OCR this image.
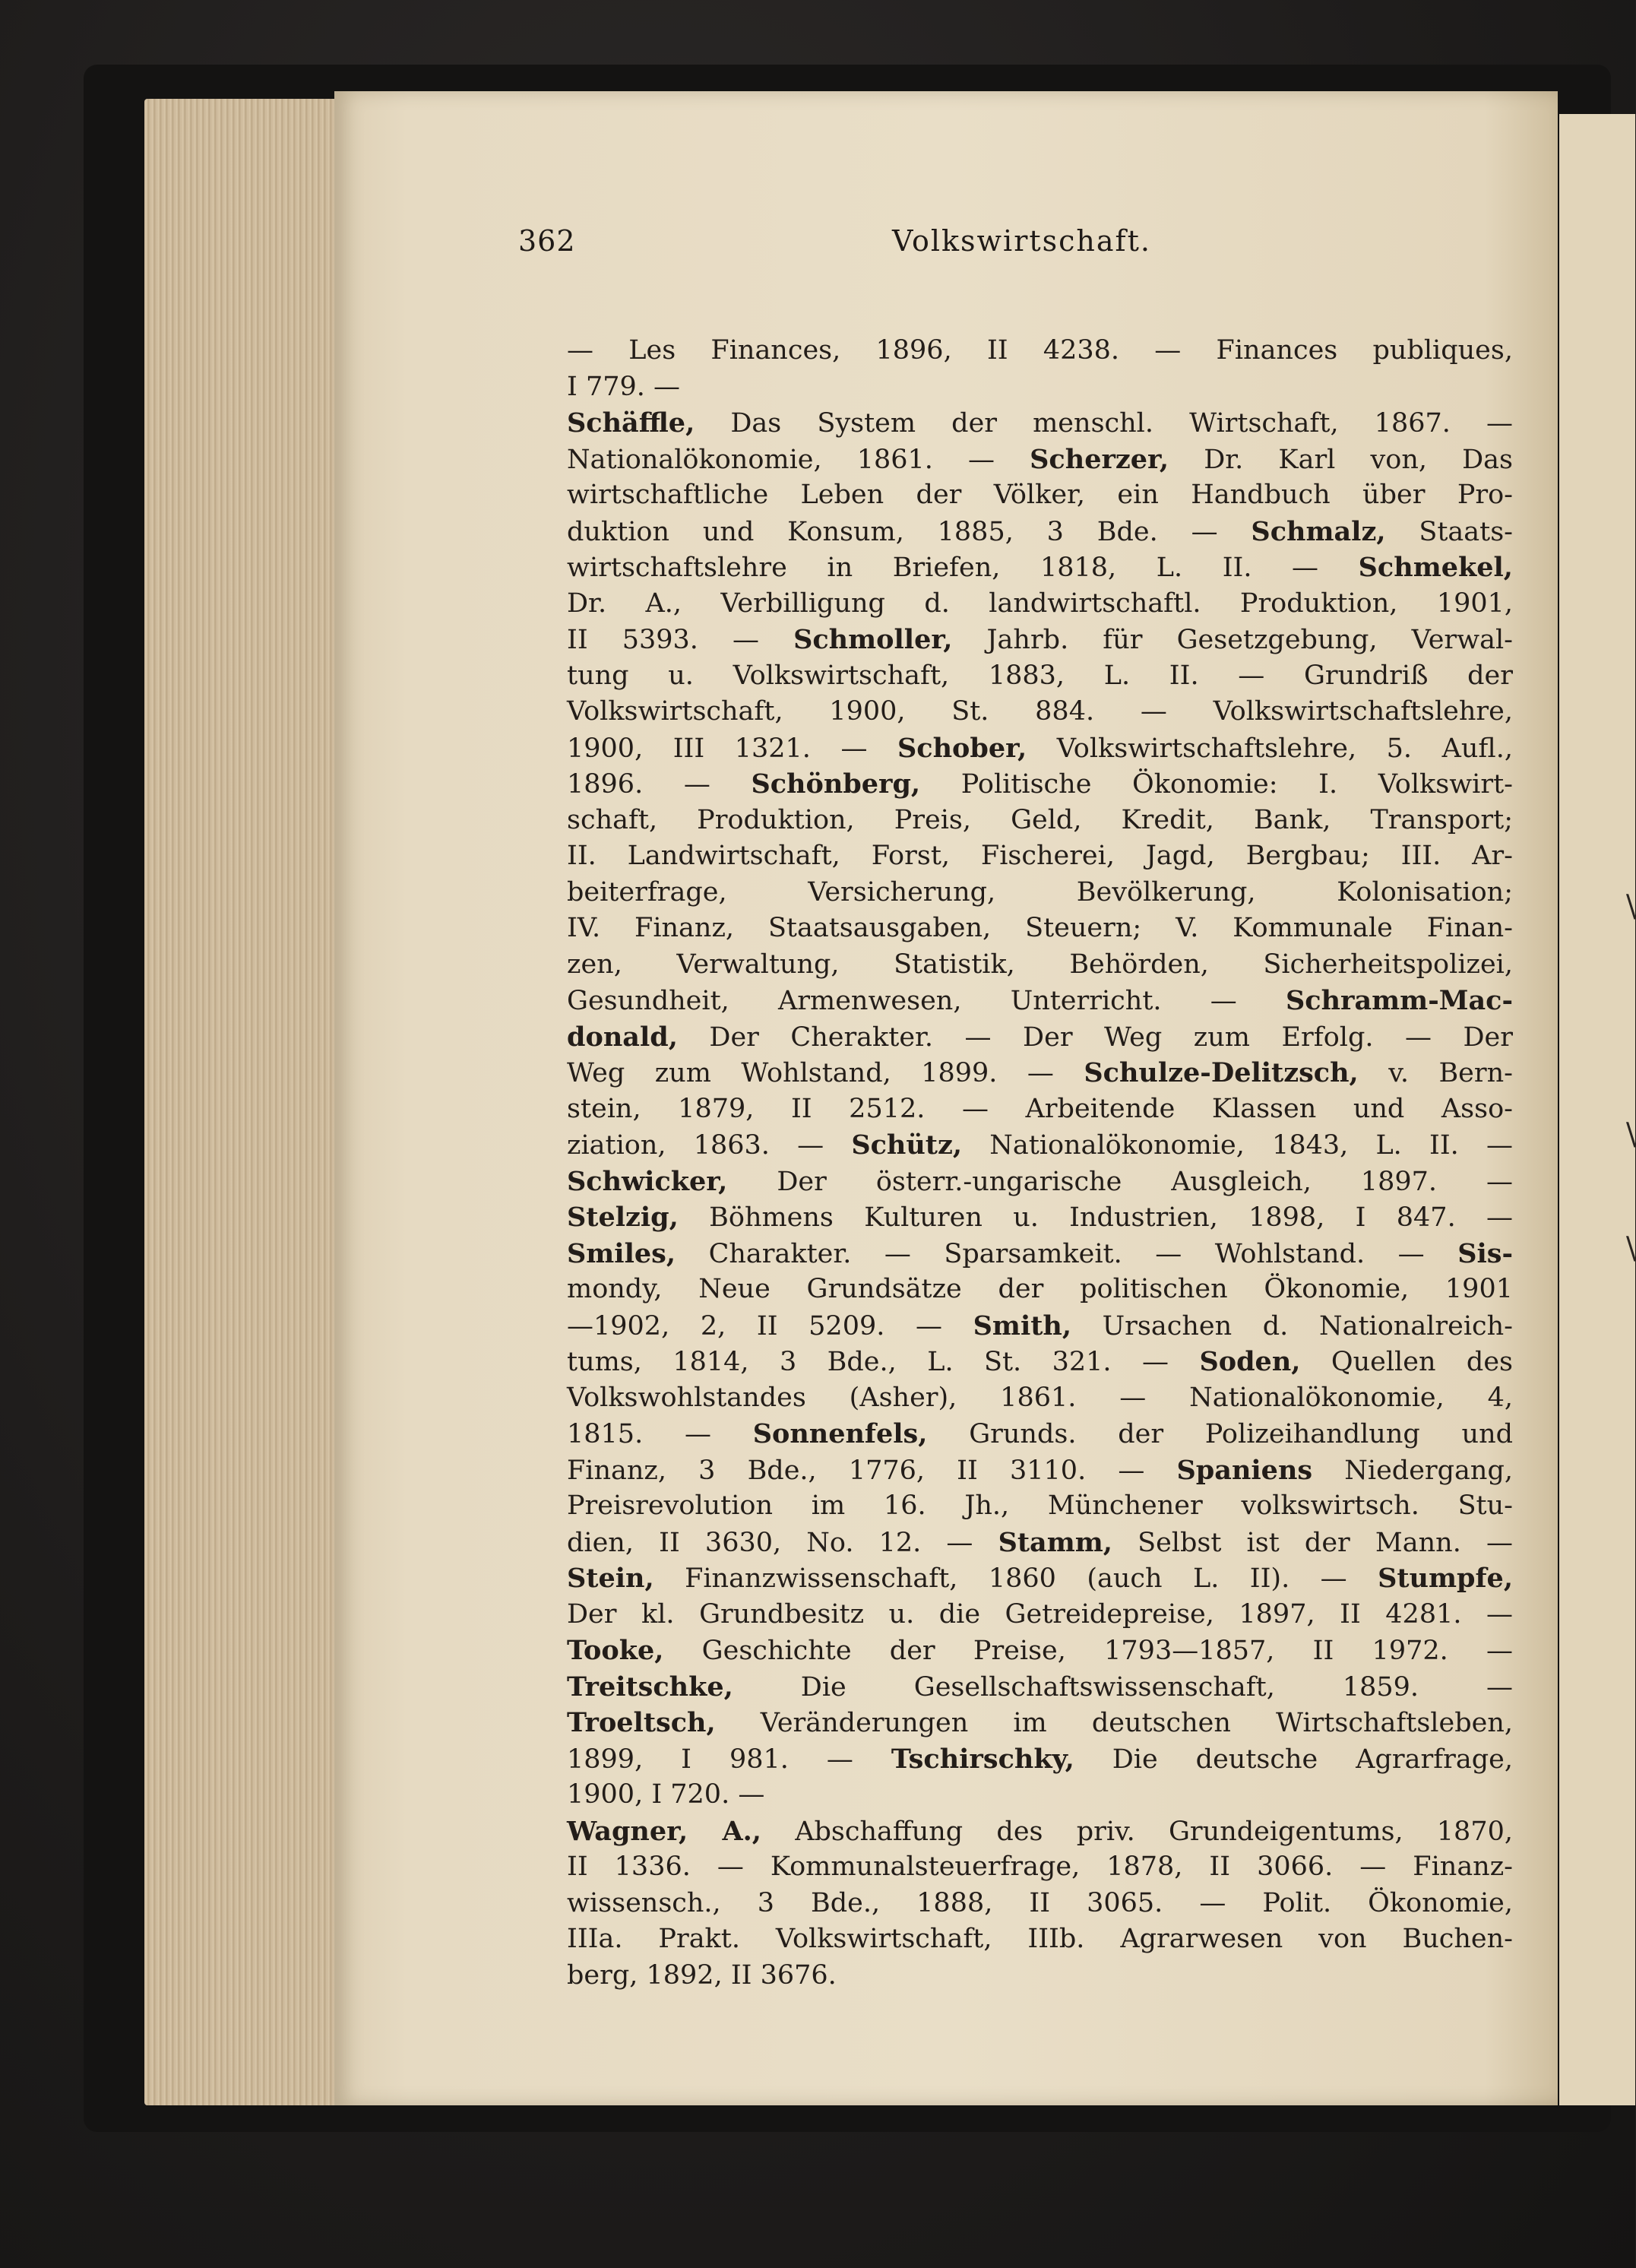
\
\
\
362	Volkswirtschaft.
— Les Finances, 1896, II 4238. — Finances publiques,
I 779. —
Schäffle, Das System der menschl. Wirtschaft, 1867. —
Nationalökonomie, 1861. — Scherzer, Dr. Karl von, Das
wirtschaftliche Leben der Völker, ein Handbuch über Pro-
duktion und Konsum, 1885, 3 Bde. — Schmalz, Staats-
wirtschaftslehre in Briefen, 1818, L. II. — Schmekel,
Dr. A., Verbilligung d. landwirtschaftl. Produktion, 1901,
II 5393. — Schmoller, Jahrb. für Gesetzgebung, Verwal-
tung u. Volkswirtschaft, 1883, L. II. — Grundriß der
Volkswirtschaft, 1900, St. 884. — Volkswirtschaftslehre,
1900, III 1321. — Schober, Volkswirtschaftslehre, 5. Aufl.,
1896. — Schönberg, Politische Ökonomie: I. Volkswirt-
schaft, Produktion, Preis, Geld, Kredit, Bank, Transport;
II. Landwirtschaft, Forst, Fischerei, Jagd, Bergbau; III. Ar-
beiterfrage, Versicherung, Bevölkerung, Kolonisation;
IV. Finanz, Staatsausgaben, Steuern; V. Kommunale Finan-
zen, Verwaltung, Statistik, Behörden, Sicherheitspolizei,
Gesundheit, Armenwesen, Unterricht. — Schramm-Mac-
donald, Der Cherakter. — Der Weg zum Erfolg. — Der
Weg zum Wohlstand, 1899. — Schulze-Delitzsch, v. Bern-
stein, 1879, II 2512. — Arbeitende Klassen und Asso-
ziation, 1863. — Schütz, Nationalökonomie, 1843, L. II. —
Schwicker, Der österr.-ungarische Ausgleich, 1897. —
Stelzig, Böhmens Kulturen u. Industrien, 1898, I 847. —
Smiles, Charakter. — Sparsamkeit. — Wohlstand. — Sis-
mondy, Neue Grundsätze der politischen Ökonomie, 1901
—1902, 2, II 5209. — Smith, Ursachen d. Nationalreich-
tums, 1814, 3 Bde., L. St. 321. — Soden, Quellen des
Volkswohlstandes (Asher), 1861. — Nationalökonomie, 4,
1815. — Sonnenfels, Grunds. der Polizeihandlung und
Finanz, 3 Bde., 1776, II 3110. — Spaniens Niedergang,
Preisrevolution im 16. Jh., Münchener volkswirtsch. Stu-
dien, II 3630, No. 12. — Stamm, Selbst ist der Mann. —
Stein, Finanzwissenschaft, 1860 (auch L. II). — Stumpfe,
Der kl. Grundbesitz u. die Getreidepreise, 1897, II 4281. —
Tooke, Geschichte der Preise, 1793—1857, II 1972. —
Treitschke, Die Gesellschaftswissenschaft, 1859. —
Troeltsch, Veränderungen im deutschen Wirtschaftsleben,
1899, I 981. — Tschirschky, Die deutsche Agrarfrage,
1900, I 720. —
Wagner, A., Abschaffung des priv. Grundeigentums, 1870,
II 1336. — Kommunalsteuerfrage, 1878, II 3066. — Finanz-
wissensch., 3 Bde., 1888, II 3065. — Polit. Ökonomie,
IIIa. Prakt. Volkswirtschaft, IIIb. Agrarwesen von Buchen-
berg, 1892, II 3676.
